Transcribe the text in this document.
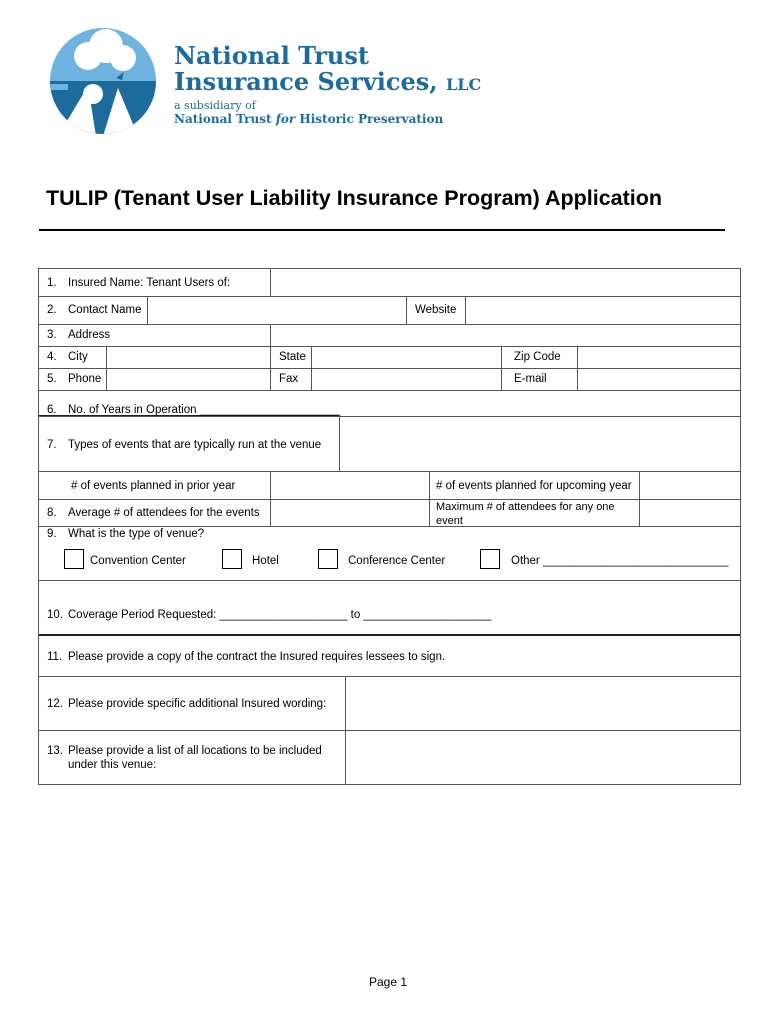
National Trust
Insurance Services, LLC
a subsidiary of
National Trust for Historic Preservation
TULIP (Tenant User Liability Insurance Program) Application
1. Insured Name: Tenant Users of:
2. Contact Name	Website
3. Address
4. City	State	Zip Code
5. Phone	Fax	E-mail
6. No. of Years in Operation ______________________
7. Types of events that are typically run at the venue
# of events planned in prior year	# of events planned for upcoming year
8. Average # of attendees for the events	Maximum # of attendees for any one event
9. What is the type of venue?
Convention Center	Hotel	Conference Center	Other _____________________________
10. Coverage Period Requested: ____________________ to ____________________
11. Please provide a copy of the contract the Insured requires lessees to sign.
12. Please provide specific additional Insured wording:
13. Please provide a list of all locations to be included under this venue:
Page 1
